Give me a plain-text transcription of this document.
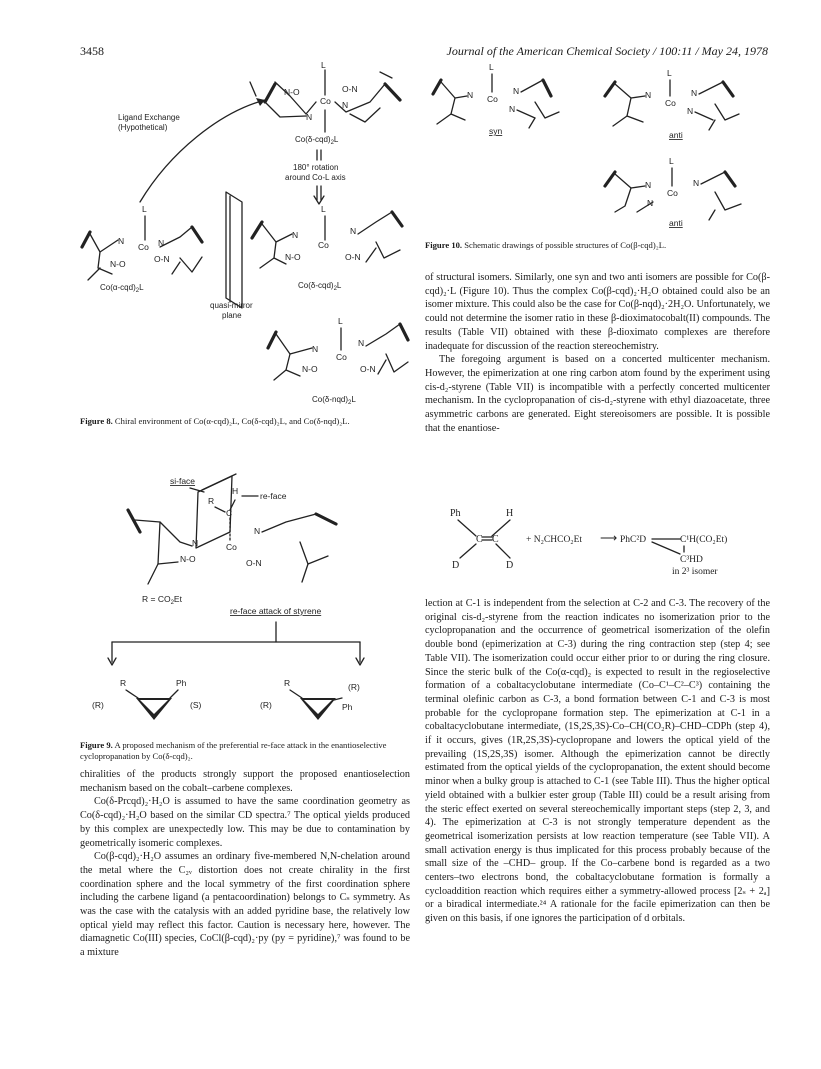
3458	Journal of the American Chemical Society / 100:11 / May 24, 1978
Ligand Exchange
(Hypothetical)
L
Co
N-O	O-N
N
N
$Co(\delta-cqd)_2L$
180° rotation
around Co-L axis
L
Co
N	N
N-O	O-N
$Co(\alpha-cqd)_2L$
quasi-mirror
plane
L
Co
N	N
N-O	O-N
$Co(\delta-cqd)_2L$
L
Co
N
N
N-O	O-N
$Co(\delta-nqd)_2L$
Figure 8. Chiral environment of Co(α-cqd)₂L, Co(δ-cqd)₂L, and Co(δ-nqd)₂L.
si-face
re-face
H
R
C
Co
N
N
N-O	O-N
$R = CO_2Et$
re-face attack of styrene
R	Ph
(R)	(S)
R
(R)
(R)
Ph
Figure 9. A proposed mechanism of the preferential re-face attack in the enantioselective cyclopropanation by Co(δ-cqd)₂.

chiralities of the products strongly support the proposed enantioselection mechanism based on the cobalt–carbene complexes.

Co(δ-Prcqd)₂·H₂O is assumed to have the same coordination geometry as Co(δ-cqd)₂·H₂O based on the similar CD spectra.⁷ The optical yields produced by this complex are unexpectedly low. This may be due to contamination by geometrically isomeric complexes.

Co(β-cqd)₂·H₂O assumes an ordinary five-membered N,N-chelation around the metal where the C₂ᵥ distortion does not create chirality in the first coordination sphere and the local symmetry of the first coordination sphere including the carbene ligand (a pentacoordination) belongs to Cₛ symmetry. As was the case with the catalysis with an added pyridine base, the relatively low optical yield may reflect this factor. Caution is necessary here, however. The diamagnetic Co(III) species, CoCl(β-cqd)₂·py (py = pyridine),⁷ was found to be a mixture

L
Co
N	N
N
syn
L
Co
N	N
N
anti
L
Co
N	N
N
anti
Figure 10. Schematic drawings of possible structures of Co(β-cqd)₂L.

of structural isomers. Similarly, one syn and two anti isomers are possible for Co(β-cqd)₂·L (Figure 10). Thus the complex Co(β-cqd)₂·H₂O obtained could also be an isomer mixture. This could also be the case for Co(β-nqd)₂·2H₂O. Unfortunately, we could not determine the isomer ratio in these β-dioximatocobalt(II) compounds. The results (Table VII) obtained with these β-dioximato complexes are therefore inadequate for discussion of the reaction stereochemistry.

The foregoing argument is based on a concerted multicenter mechanism. However, the epimerization at one ring carbon atom found by the experiment using cis-d₂-styrene (Table VII) is incompatible with a perfectly concerted multicenter mechanism. In the cyclopropanation of cis-d₂-styrene with ethyl diazoacetate, three asymmetric carbons are generated. Eight stereoisomers are possible. It is possible that the enantiose-

Ph	H
C C
D	D
+ N₂CHCO₂Et ⟶ PhC²D	C¹H(CO₂Et)
C³HD
in 2³ isomer

lection at C-1 is independent from the selection at C-2 and C-3. The recovery of the original cis-d₂-styrene from the reaction indicates no isomerization prior to the cyclopropanation and the occurrence of geometrical isomerization of the olefin double bond (epimerization at C-3) during the ring contraction step (step 4; see Table VII). The isomerization could occur either prior to or during the ring closure. Since the steric bulk of the Co(α-cqd)₂ is expected to result in the regioselective formation of a cobaltacyclobutane intermediate (Co–C¹–C²–C³) containing the terminal olefinic carbon as C-3, a bond formation between C-1 and C-3 is most probable for the cyclopropane formation step. The epimerization at C-1 in a cobaltacyclobutane intermediate, (1S,2S,3S)-Co–CH(CO₂R)–CHD–CDPh (step 4), if it occurs, gives (1R,2S,3S)-cyclopropane and lowers the optical yield of the prevailing (1S,2S,3S) isomer. Although the epimerization cannot be directly estimated from the optical yields of the cyclopropanation, the extent should become minor when a bulky group is attached to C-1 (see Table III). Thus the higher optical yield obtained with a bulkier ester group (Table III) could be a result arising from the steric effect exerted on several stereochemically important steps (step 2, 3, and 4). The epimerization at C-3 is not strongly temperature dependent as the geometrical isomerization persists at low reaction temperature (see Table VII). A small activation energy is thus implicated for this process probably because of the small size of the –CHD– group. If the Co–carbene bond is regarded as a two centers–two electrons bond, the cobaltacyclobutane formation is formally a cycloaddition reaction which requires either a symmetry-allowed process [2ₛ + 2ₐ] or a biradical intermediate.²⁴ A rationale for the facile epimerization can then be given on this basis, if one ignores the participation of d orbitals.
